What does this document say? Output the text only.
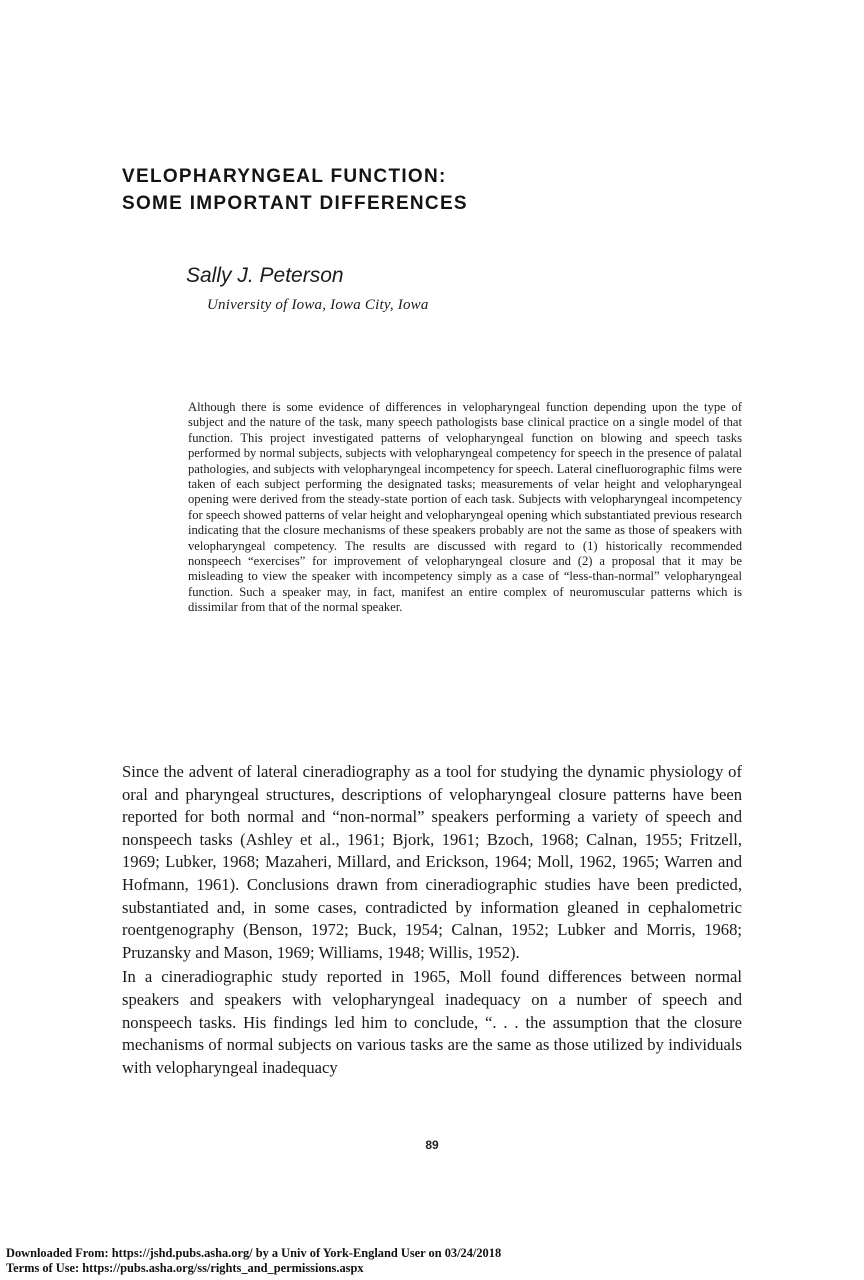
VELOPHARYNGEAL FUNCTION:
SOME IMPORTANT DIFFERENCES
Sally J. Peterson
University of Iowa, Iowa City, Iowa

Although there is some evidence of differences in velopharyngeal function depending upon the type of subject and the nature of the task, many speech pathologists base clinical practice on a single model of that function. This project investigated patterns of velopharyngeal function on blowing and speech tasks performed by normal subjects, subjects with velopharyngeal competency for speech in the presence of palatal pathologies, and subjects with velopharyngeal incompetency for speech. Lateral cinefluorographic films were taken of each subject performing the designated tasks; measurements of velar height and velopharyngeal opening were derived from the steady-state portion of each task. Subjects with velopharyngeal incompetency for speech showed patterns of velar height and velopharyngeal opening which substantiated previous research indicating that the closure mechanisms of these speakers probably are not the same as those of speakers with velopharyngeal competency. The results are discussed with regard to (1) historically recommended nonspeech “exercises” for improvement of velopharyngeal closure and (2) a proposal that it may be misleading to view the speaker with incompetency simply as a case of “less-than-normal” velopharyngeal function. Such a speaker may, in fact, manifest an entire complex of neuromuscular patterns which is dissimilar from that of the normal speaker.

Since the advent of lateral cineradiography as a tool for studying the dynamic physiology of oral and pharyngeal structures, descriptions of velopharyngeal closure patterns have been reported for both normal and “non-normal” speakers performing a variety of speech and nonspeech tasks (Ashley et al., 1961; Bjork, 1961; Bzoch, 1968; Calnan, 1955; Fritzell, 1969; Lubker, 1968; Mazaheri, Millard, and Erickson, 1964; Moll, 1962, 1965; Warren and Hofmann, 1961). Conclusions drawn from cineradiographic studies have been predicted, substantiated and, in some cases, contradicted by information gleaned in cephalometric roentgenography (Benson, 1972; Buck, 1954; Calnan, 1952; Lubker and Morris, 1968; Pruzansky and Mason, 1969; Williams, 1948; Willis, 1952).

In a cineradiographic study reported in 1965, Moll found differences between normal speakers and speakers with velopharyngeal inadequacy on a number of speech and nonspeech tasks. His findings led him to conclude, “. . . the assumption that the closure mechanisms of normal subjects on various tasks are the same as those utilized by individuals with velopharyngeal inadequacy

89
Downloaded From: https://jshd.pubs.asha.org/ by a Univ of York-England User on 03/24/2018
Terms of Use: https://pubs.asha.org/ss/rights_and_permissions.aspx
